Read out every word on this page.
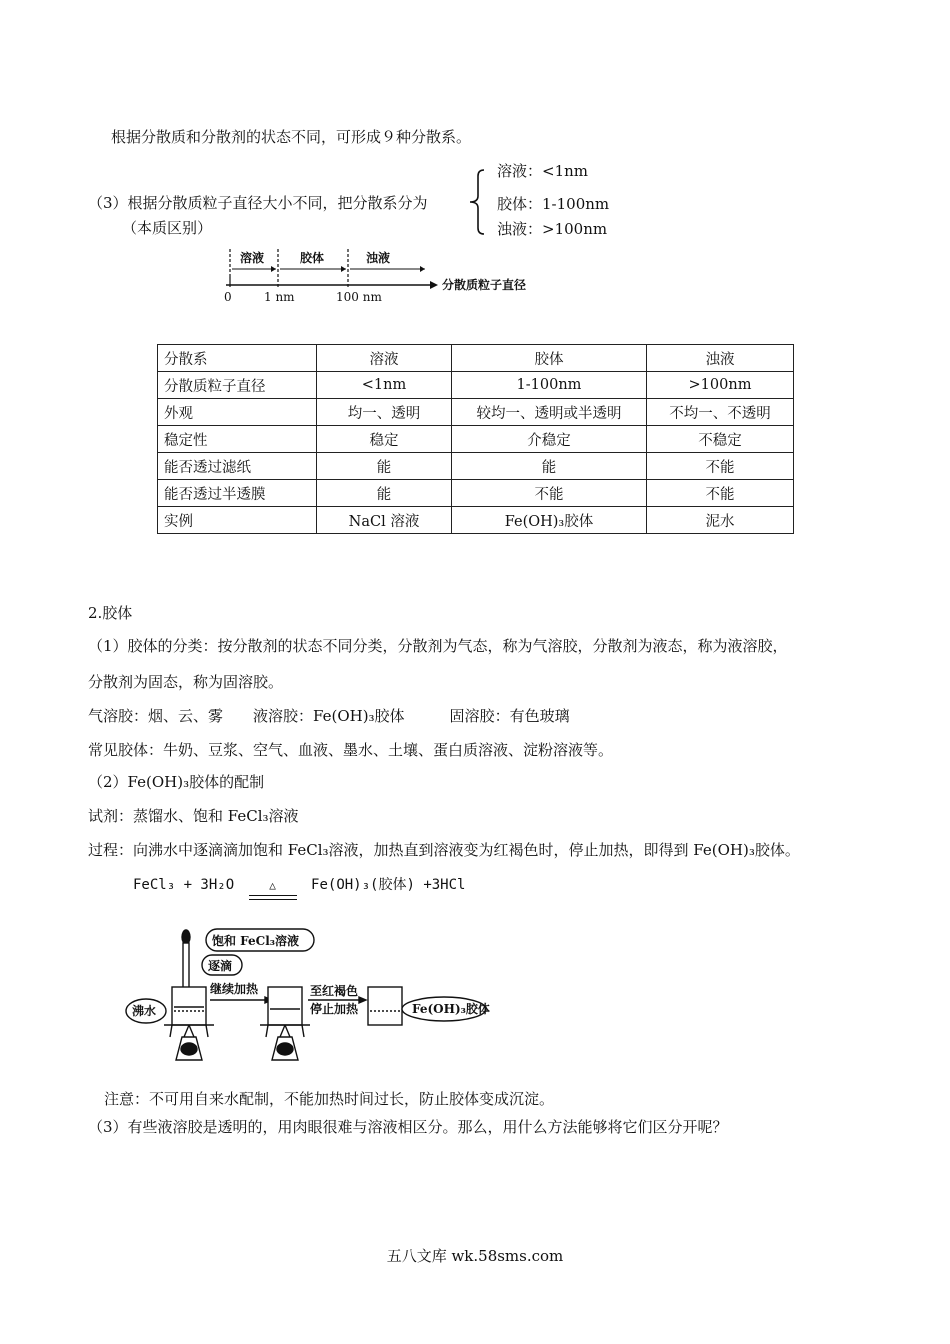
根据分散质和分散剂的状态不同，可形成９种分散系。
（3）根据分散质粒子直径大小不同，把分散系分为
（本质区别）
溶液：<1nm
胶体：1-100nm
浊液：>100nm
溶液	胶体	浊液
0	1 nm	100 nm
分散质粒子直径
分散系	溶液	胶体	浊液
分散质粒子直径	<1nm	1-100nm	>100nm
外观	均一、透明	较均一、透明或半透明	不均一、不透明
稳定性	稳定	介稳定	不稳定
能否透过滤纸	能	能	不能
能否透过半透膜	能	不能	不能
实例	NaCl 溶液	Fe(OH)₃胶体	泥水
2.胶体
（1）胶体的分类：按分散剂的状态不同分类，分散剂为气态，称为气溶胶，分散剂为液态，称为液溶胶，
分散剂为固态，称为固溶胶。
气溶胶：烟、云、雾　　液溶胶：Fe(OH)₃胶体　　　固溶胶：有色玻璃
常见胶体：牛奶、豆浆、空气、血液、墨水、土壤、蛋白质溶液、淀粉溶液等。
（2）Fe(OH)₃胶体的配制
试剂：蒸馏水、饱和 FeCl₃溶液
过程：向沸水中逐滴滴加饱和 FeCl₃溶液，加热直到溶液变为红褐色时，停止加热，即得到 Fe(OH)₃胶体。
FeCl₃ + 3H₂O	△	Fe(OH)₃(胶体) +3HCl
饱和 FeCl₃溶液
逐滴
沸水
继续加热	至红褐色
停止加热	Fe(OH)₃胶体
注意：不可用自来水配制，不能加热时间过长，防止胶体变成沉淀。
（3）有些液溶胶是透明的，用肉眼很难与溶液相区分。那么，用什么方法能够将它们区分开呢？
五八文库 wk.58sms.com
